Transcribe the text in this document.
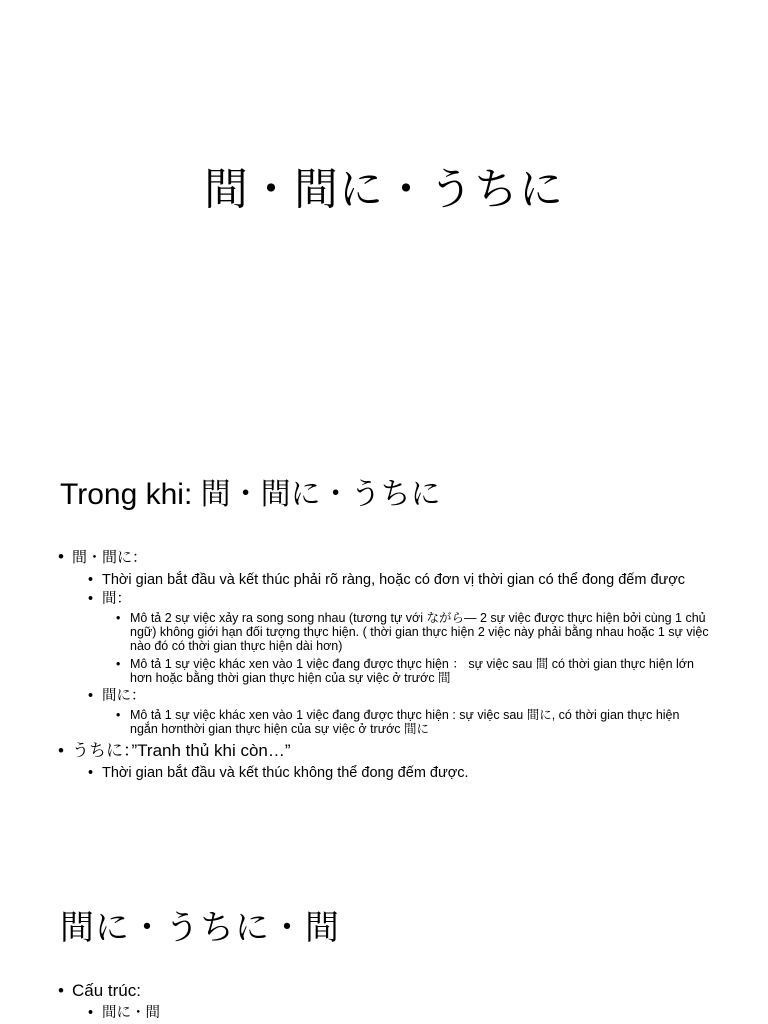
間・間に・うちに
Trong khi: 間・間に・うちに
• 間・間に：
• Thời gian bắt đầu và kết thúc phải rõ ràng, hoặc có đơn vị thời gian có thể đong đếm được
• 間：
• Mô tả 2 sự việc xảy ra song song nhau (tương tự với ながら― 2 sự việc được thực hiện bởi cùng 1 chủ ngữ) không giới hạn đối tượng thực hiện. ( thời gian thực hiện 2 việc này phải bằng nhau hoặc 1 sự việc nào đó có thời gian thực hiện dài hơn)
• Mô tả 1 sự việc khác xen vào 1 việc đang được thực hiện ： sự việc sau 間 có thời gian thực hiện lớn hơn hoặc bằng thời gian thực hiện của sự việc ở trước 間
• 間に：
• Mô tả 1 sự việc khác xen vào 1 việc đang được thực hiện : sự việc sau 間に, có thời gian thực hiện ngắn hơnthời gian thực hiện của sự việc ở trước 間に
• うちに：”Tranh thủ khi còn…”
• Thời gian bắt đầu và kết thúc không thể đong đếm được.
間に・うちに・間
• Cấu trúc:
• 間に・間
